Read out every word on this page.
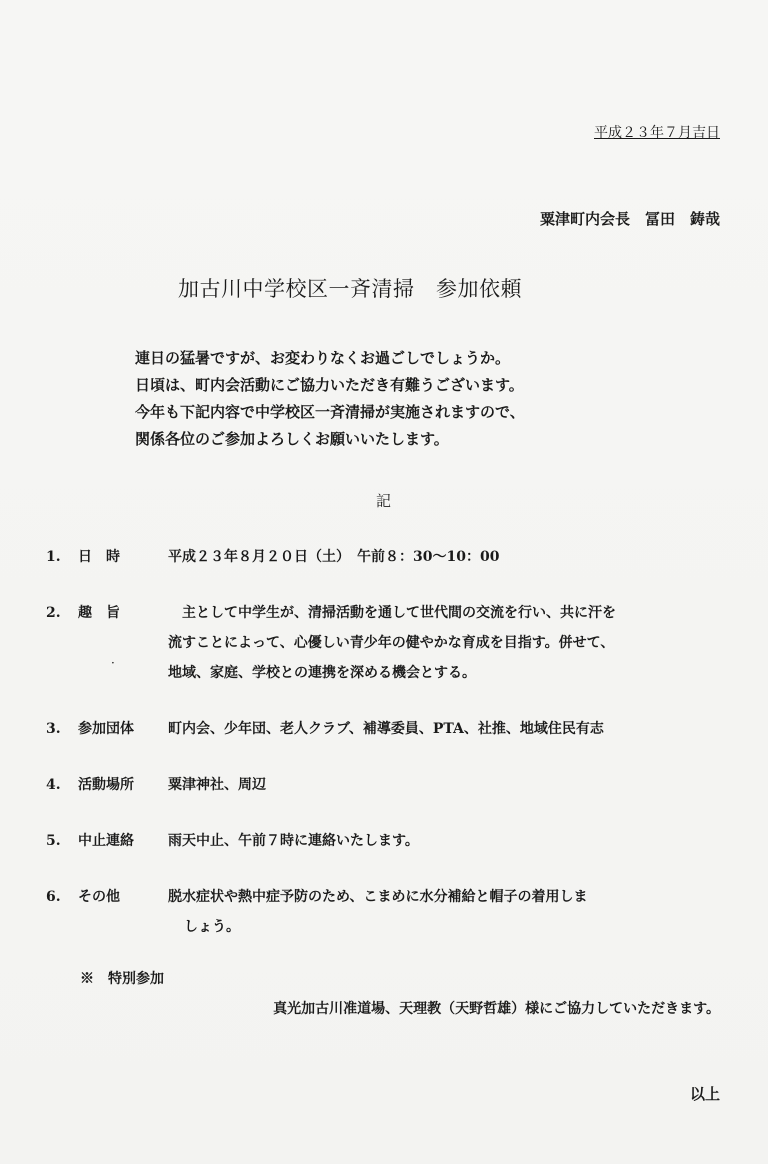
平成２３年７月吉日
粟津町内会長　冨田　鋳哉
加古川中学校区一斉清掃　参加依頼
連日の猛暑ですが、お変わりなくお過ごしでしょうか。
日頃は、町内会活動にご協力いただき有難うございます。
今年も下記内容で中学校区一斉清掃が実施されますので、
関係各位のご参加よろしくお願いいたします。
記
1.	日　時	平成２３年８月２０日（土）　午前８：30～10：00
2.	趣　旨	　主として中学生が、清掃活動を通して世代間の交流を行い、共に汗を
流すことによって、心優しい青少年の健やかな育成を目指す。併せて、
地域、家庭、学校との連携を深める機会とする。
·
3.	参加団体 町内会、少年団、老人クラブ、補導委員、PTA、社推、地域住民有志
4.	活動場所 粟津神社、周辺
5.	中止連絡 雨天中止、午前７時に連絡いたします。
6.	その他	脱水症状や熱中症予防のため、こまめに水分補給と帽子の着用しま
しょう。
※　特別参加
真光加古川准道場、天理教（天野哲雄）様にご協力していただきます。
以上
